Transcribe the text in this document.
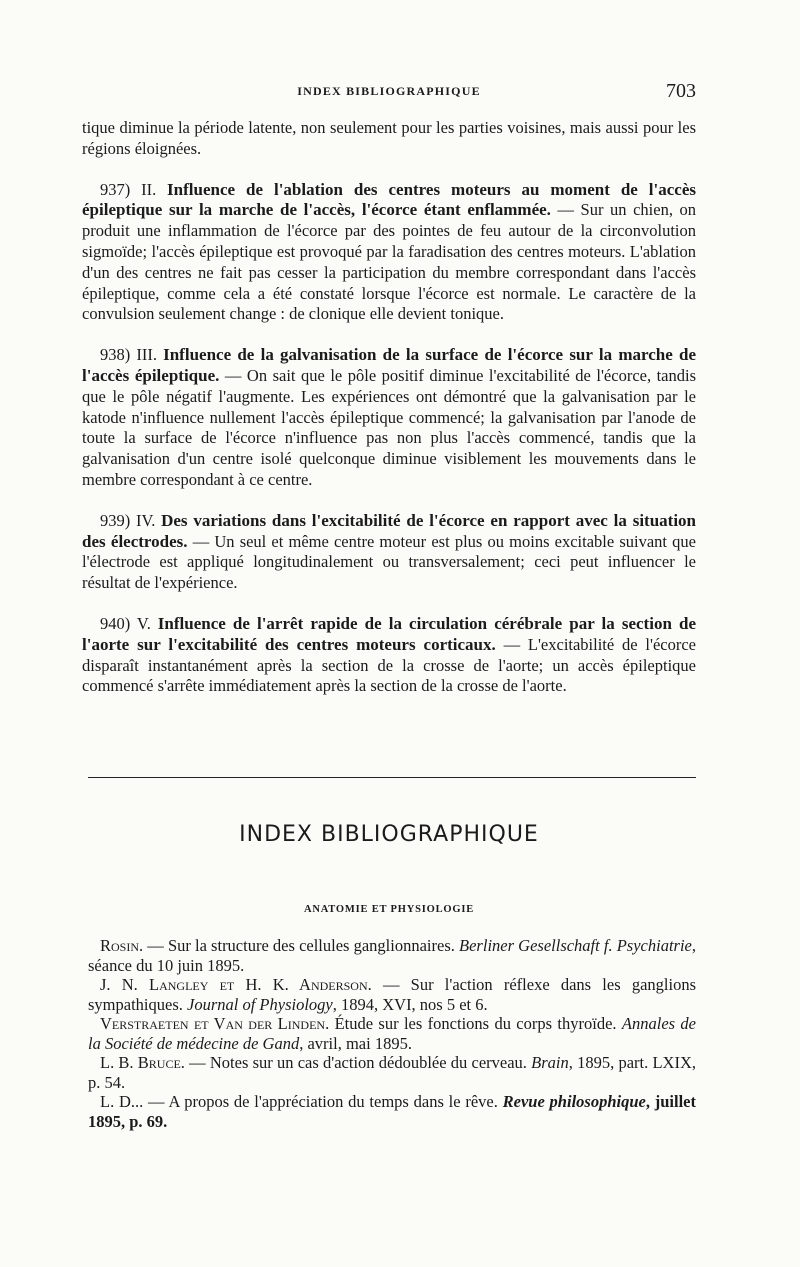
INDEX BIBLIOGRAPHIQUE	703

tique diminue la période latente, non seulement pour les parties voisines, mais aussi pour les régions éloignées.

937) II. Influence de l'ablation des centres moteurs au moment de l'accès épileptique sur la marche de l'accès, l'écorce étant enflammée. — Sur un chien, on produit une inflammation de l'écorce par des pointes de feu autour de la circonvolution sigmoïde; l'accès épileptique est provoqué par la faradisation des centres moteurs. L'ablation d'un des centres ne fait pas cesser la participation du membre correspondant dans l'accès épileptique, comme cela a été constaté lorsque l'écorce est normale. Le caractère de la convulsion seulement change : de clonique elle devient tonique.

938) III. Influence de la galvanisation de la surface de l'écorce sur la marche de l'accès épileptique. — On sait que le pôle positif diminue l'excitabilité de l'écorce, tandis que le pôle négatif l'augmente. Les expériences ont démontré que la galvanisation par le katode n'influence nullement l'accès épileptique commencé; la galvanisation par l'anode de toute la surface de l'écorce n'influence pas non plus l'accès commencé, tandis que la galvanisation d'un centre isolé quelconque diminue visiblement les mouvements dans le membre correspondant à ce centre.

939) IV. Des variations dans l'excitabilité de l'écorce en rapport avec la situation des électrodes. — Un seul et même centre moteur est plus ou moins excitable suivant que l'électrode est appliqué longitudinalement ou transversalement; ceci peut influencer le résultat de l'expérience.

940) V. Influence de l'arrêt rapide de la circulation cérébrale par la section de l'aorte sur l'excitabilité des centres moteurs corticaux. — L'excitabilité de l'écorce disparaît instantanément après la section de la crosse de l'aorte; un accès épileptique commencé s'arrête immédiatement après la section de la crosse de l'aorte.

INDEX BIBLIOGRAPHIQUE
ANATOMIE ET PHYSIOLOGIE

Rosin. — Sur la structure des cellules ganglionnaires. Berliner Gesellschaft f. Psychiatrie, séance du 10 juin 1895.

J. N. Langley et H. K. Anderson. — Sur l'action réflexe dans les ganglions sympathiques. Journal of Physiology, 1894, XVI, nos 5 et 6.

Verstraeten et Van der Linden. Étude sur les fonctions du corps thyroïde. Annales de la Société de médecine de Gand, avril, mai 1895.

L. B. Bruce. — Notes sur un cas d'action dédoublée du cerveau. Brain, 1895, part. LXIX, p. 54.

L. D... — A propos de l'appréciation du temps dans le rêve. Revue philosophique, juillet 1895, p. 69.
